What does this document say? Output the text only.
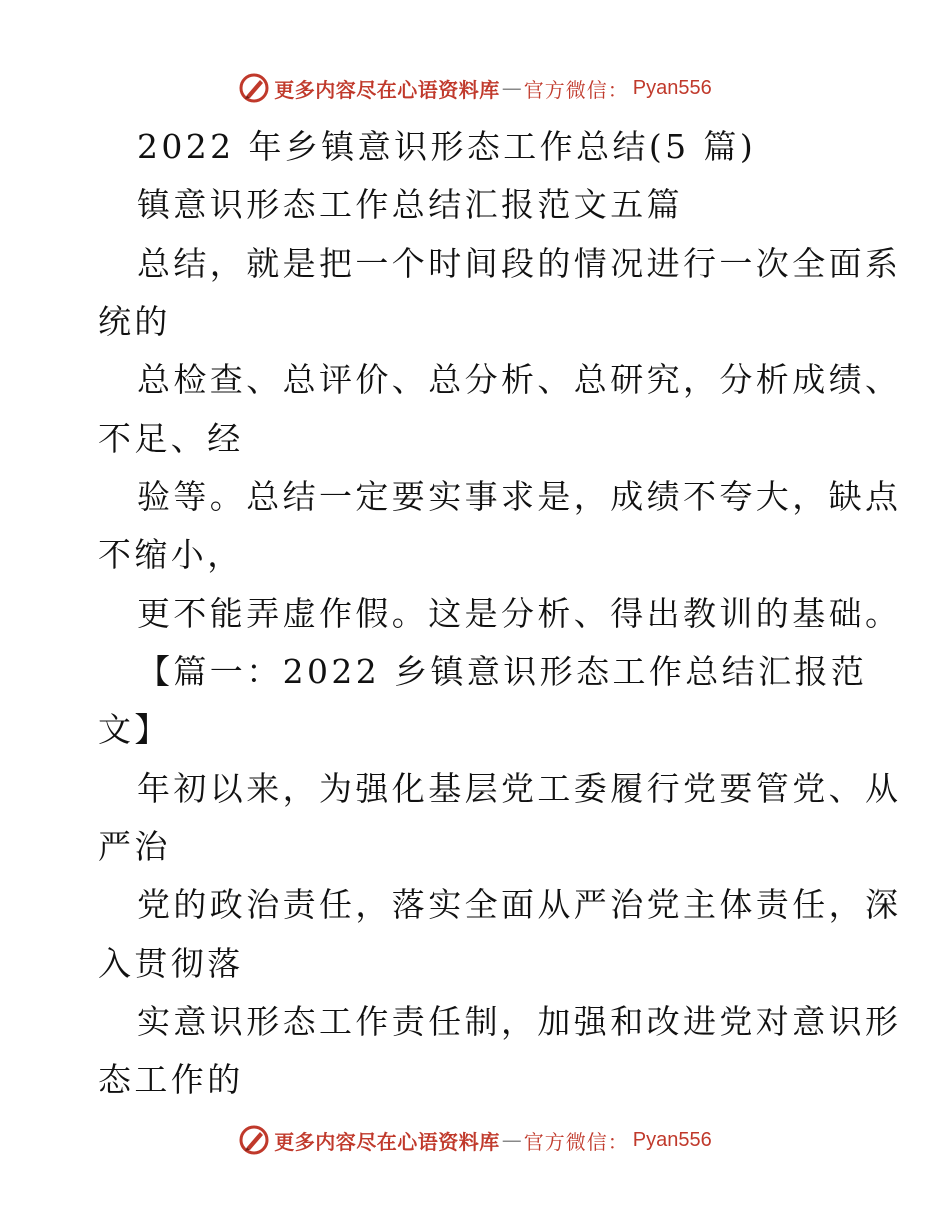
更多内容尽在心语资料库 — 官方微信： Pyan556
2022 年乡镇意识形态工作总结(5 篇)
镇意识形态工作总结汇报范文五篇
总结，就是把一个时间段的情况进行一次全面系
统的
总检查、总评价、总分析、总研究，分析成绩、
不足、经
验等。总结一定要实事求是，成绩不夸大，缺点
不缩小，
更不能弄虚作假。这是分析、得出教训的基础。
【篇一：2022 乡镇意识形态工作总结汇报范
文】
年初以来，为强化基层党工委履行党要管党、从
严治
党的政治责任，落实全面从严治党主体责任，深
入贯彻落
实意识形态工作责任制，加强和改进党对意识形
态工作的
更多内容尽在心语资料库 — 官方微信： Pyan556
